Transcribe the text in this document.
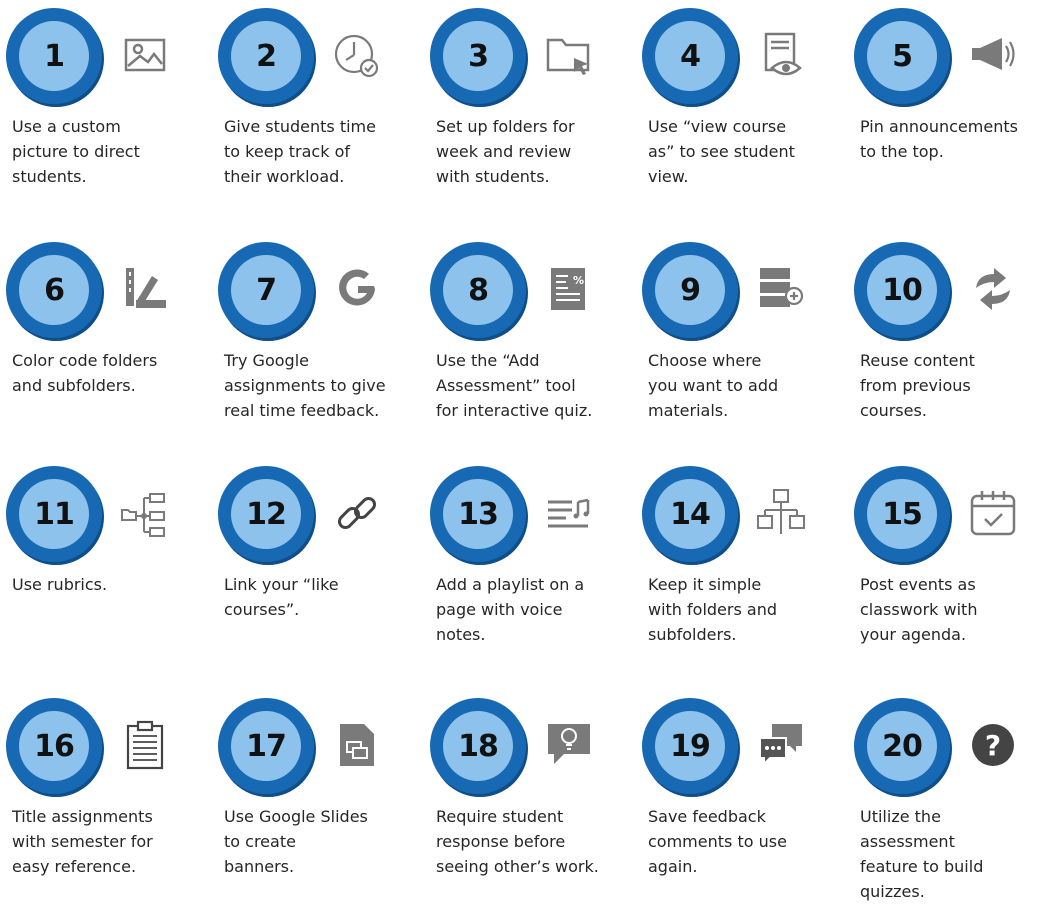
1
Use a custom
picture to direct
students.
2
Give students time
to keep track of
their workload.
3
Set up folders for
week and review
with students.
4
Use “view course
as” to see student
view.
5
Pin announcements
to the top.
6
Color code folders
and subfolders.
7
Try Google
assignments to give
real time feedback.
8	%
Use the “Add
Assessment” tool
for interactive quiz.
9
Choose where
you want to add
materials.
10
Reuse content
from previous
courses.
11
Use rubrics.
12
Link your “like
courses”.
13
Add a playlist on a
page with voice
notes.
14
Keep it simple
with folders and
subfolders.
15
Post events as
classwork with
your agenda.
16
Title assignments
with semester for
easy reference.
17
Use Google Slides
to create
banners.
18
Require student
response before
seeing other’s work.
19
Save feedback
comments to use
again.
20	?
Utilize the
assessment
feature to build
quizzes.
